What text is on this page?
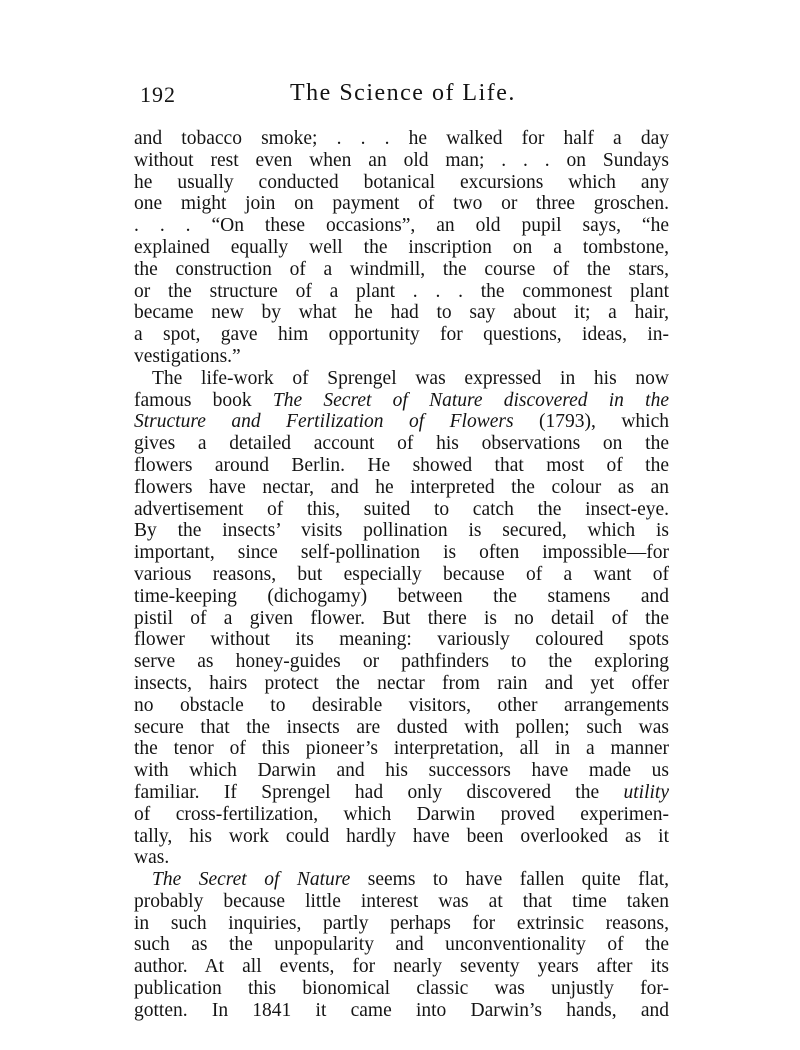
192	The Science of Life.
and tobacco smoke; . . . he walked for half a day
without rest even when an old man; . . . on Sundays
he usually conducted botanical excursions which any
one might join on payment of two or three groschen.
. . . “On these occasions”, an old pupil says, “he
explained equally well the inscription on a tombstone,
the construction of a windmill, the course of the stars,
or the structure of a plant . . . the commonest plant
became new by what he had to say about it; a hair,
a spot, gave him opportunity for questions, ideas, in-
vestigations.”
The life-work of Sprengel was expressed in his now
famous book The Secret of Nature discovered in the
Structure and Fertilization of Flowers (1793), which
gives a detailed account of his observations on the
flowers around Berlin. He showed that most of the
flowers have nectar, and he interpreted the colour as an
advertisement of this, suited to catch the insect-eye.
By the insects’ visits pollination is secured, which is
important, since self-pollination is often impossible—for
various reasons, but especially because of a want of
time-keeping (dichogamy) between the stamens and
pistil of a given flower. But there is no detail of the
flower without its meaning: variously coloured spots
serve as honey-guides or pathfinders to the exploring
insects, hairs protect the nectar from rain and yet offer
no obstacle to desirable visitors, other arrangements
secure that the insects are dusted with pollen; such was
the tenor of this pioneer’s interpretation, all in a manner
with which Darwin and his successors have made us
familiar. If Sprengel had only discovered the utility
of cross-fertilization, which Darwin proved experimen-
tally, his work could hardly have been overlooked as it
was.
The Secret of Nature seems to have fallen quite flat,
probably because little interest was at that time taken
in such inquiries, partly perhaps for extrinsic reasons,
such as the unpopularity and unconventionality of the
author. At all events, for nearly seventy years after its
publication this bionomical classic was unjustly for-
gotten. In 1841 it came into Darwin’s hands, and
